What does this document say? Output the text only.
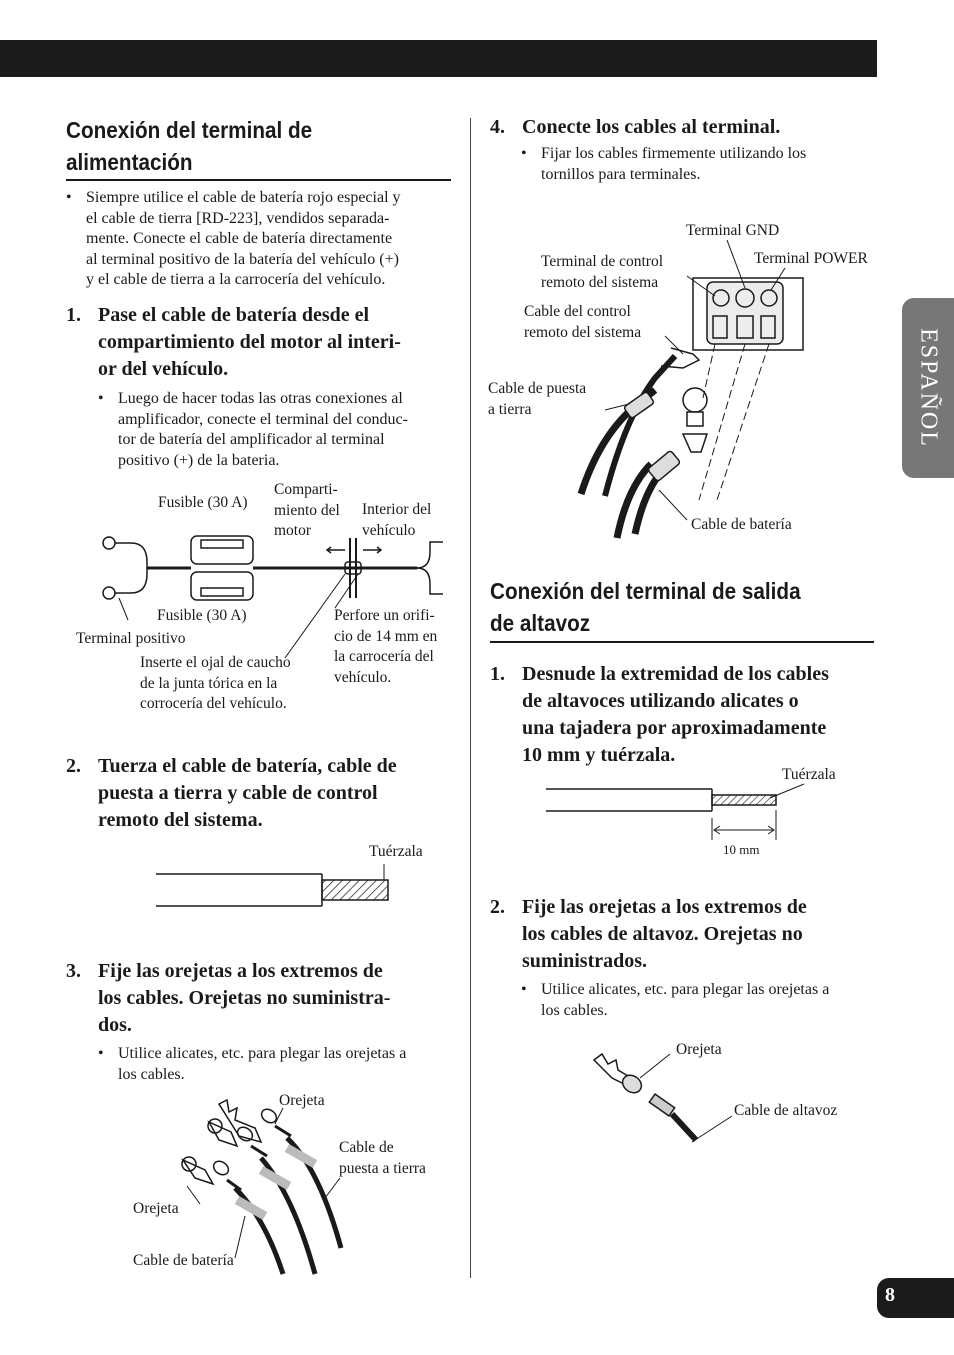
ESPAÑOL
8
Conexión del terminal de
alimentación
• Siempre utilice el cable de batería rojo especial y
el cable de tierra [RD-223], vendidos separada-
mente. Conecte el cable de batería directamente
al terminal positivo de la batería del vehículo (+)
y el cable de tierra a la carrocería del vehículo.
1. Pase el cable de batería desde el
compartimiento del motor al interi-
or del vehículo.
• Luego de hacer todas las otras conexiones al
amplificador, conecte el terminal del conduc-
tor de batería del amplificador al terminal
positivo (+) de la bateria.
Fusible (30 A)
Comparti-
miento del
motor
Interior del
vehículo
Fusible (30 A)
Terminal positivo
Perfore un orifi-
cio de 14 mm en
la carrocería del
vehículo.
Inserte el ojal de caucho
de la junta tórica en la
corrocería del vehículo.
2. Tuerza el cable de batería, cable de
puesta a tierra y cable de control
remoto del sistema.
Tuérzala
3. Fije las orejetas a los extremos de
los cables. Orejetas no suministra-
dos.
• Utilice alicates, etc. para plegar las orejetas a
los cables.
Orejeta
Cable de
puesta a tierra
Orejeta
Cable de batería
4. Conecte los cables al terminal.
• Fijar los cables firmemente utilizando los
tornillos para terminales.
Terminal GND
Terminal de control
remoto del sistema
Terminal POWER
Cable del control
remoto del sistema
Cable de puesta
a tierra
Cable de batería
Conexión del terminal de salida
de altavoz
1. Desnude la extremidad de los cables
de altavoces utilizando alicates o
una tajadera por aproximadamente
10 mm y tuérzala.
Tuérzala
10 mm
2. Fije las orejetas a los extremos de
los cables de altavoz. Orejetas no
suministrados.
• Utilice alicates, etc. para plegar las orejetas a
los cables.
Orejeta
Cable de altavoz
